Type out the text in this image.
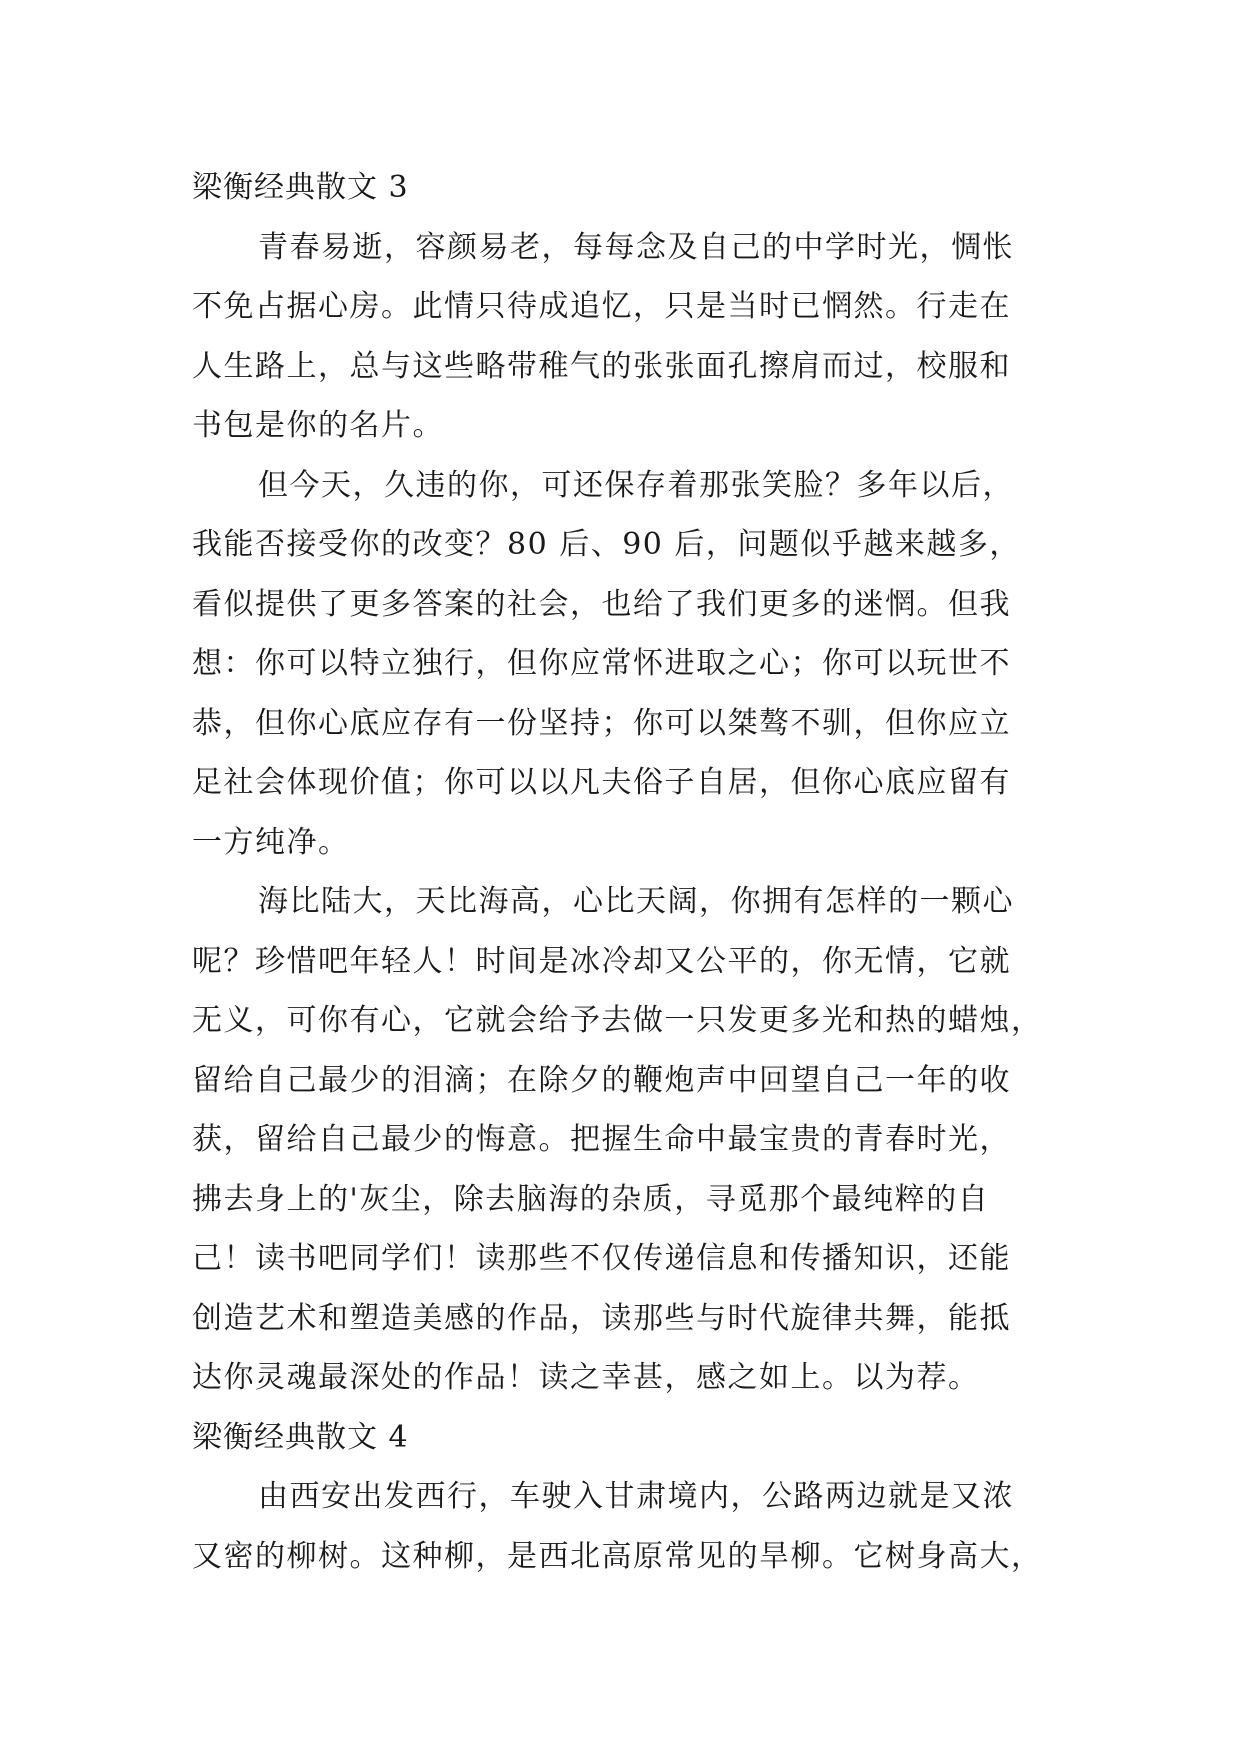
梁衡经典散文 3
青春易逝，容颜易老，每每念及自己的中学时光，惆怅
不免占据心房。此情只待成追忆，只是当时已惘然。行走在
人生路上，总与这些略带稚气的张张面孔擦肩而过，校服和
书包是你的名片。
但今天，久违的你，可还保存着那张笑脸？多年以后，
我能否接受你的改变？80 后、90 后，问题似乎越来越多，
看似提供了更多答案的社会，也给了我们更多的迷惘。但我
想：你可以特立独行，但你应常怀进取之心；你可以玩世不
恭，但你心底应存有一份坚持；你可以桀骜不驯，但你应立
足社会体现价值；你可以以凡夫俗子自居，但你心底应留有
一方纯净。
海比陆大，天比海高，心比天阔，你拥有怎样的一颗心
呢？珍惜吧年轻人！时间是冰冷却又公平的，你无情，它就
无义，可你有心，它就会给予去做一只发更多光和热的蜡烛，
留给自己最少的泪滴；在除夕的鞭炮声中回望自己一年的收
获，留给自己最少的悔意。把握生命中最宝贵的青春时光，
拂去身上的'灰尘，除去脑海的杂质，寻觅那个最纯粹的自
己！读书吧同学们！读那些不仅传递信息和传播知识，还能
创造艺术和塑造美感的作品，读那些与时代旋律共舞，能抵
达你灵魂最深处的作品！读之幸甚，感之如上。以为荐。
梁衡经典散文 4
由西安出发西行，车驶入甘肃境内，公路两边就是又浓
又密的柳树。这种柳，是西北高原常见的旱柳。它树身高大，
